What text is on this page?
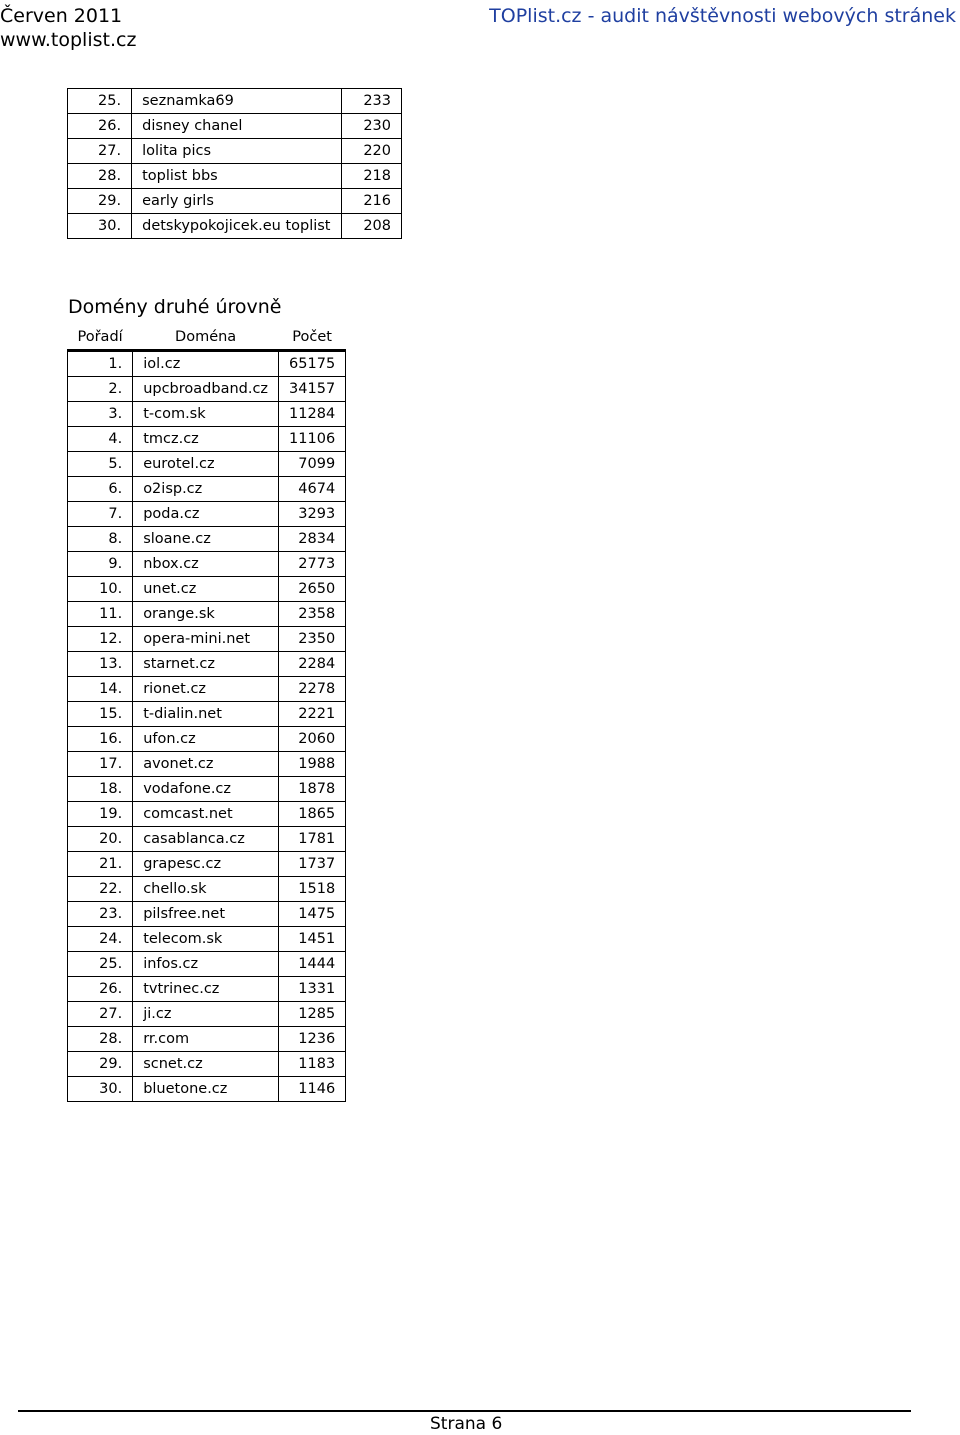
Červen 2011
www.toplist.cz
TOPlist.cz - audit návštěvnosti webových stránek
25.	seznamka69	233
26.	disney chanel	230
27.	lolita pics	220
28.	toplist bbs	218
29.	early girls	216
30.	detskypokojicek.eu toplist	208
Domény druhé úrovně
Pořadí	Doména	Počet
1.	iol.cz	65175
2.	upcbroadband.cz	34157
3.	t-com.sk	11284
4.	tmcz.cz	11106
5.	eurotel.cz	7099
6.	o2isp.cz	4674
7.	poda.cz	3293
8.	sloane.cz	2834
9.	nbox.cz	2773
10.	unet.cz	2650
11.	orange.sk	2358
12.	opera-mini.net	2350
13.	starnet.cz	2284
14.	rionet.cz	2278
15.	t-dialin.net	2221
16.	ufon.cz	2060
17.	avonet.cz	1988
18.	vodafone.cz	1878
19.	comcast.net	1865
20.	casablanca.cz	1781
21.	grapesc.cz	1737
22.	chello.sk	1518
23.	pilsfree.net	1475
24.	telecom.sk	1451
25.	infos.cz	1444
26.	tvtrinec.cz	1331
27.	ji.cz	1285
28.	rr.com	1236
29.	scnet.cz	1183
30.	bluetone.cz	1146
Strana 6
